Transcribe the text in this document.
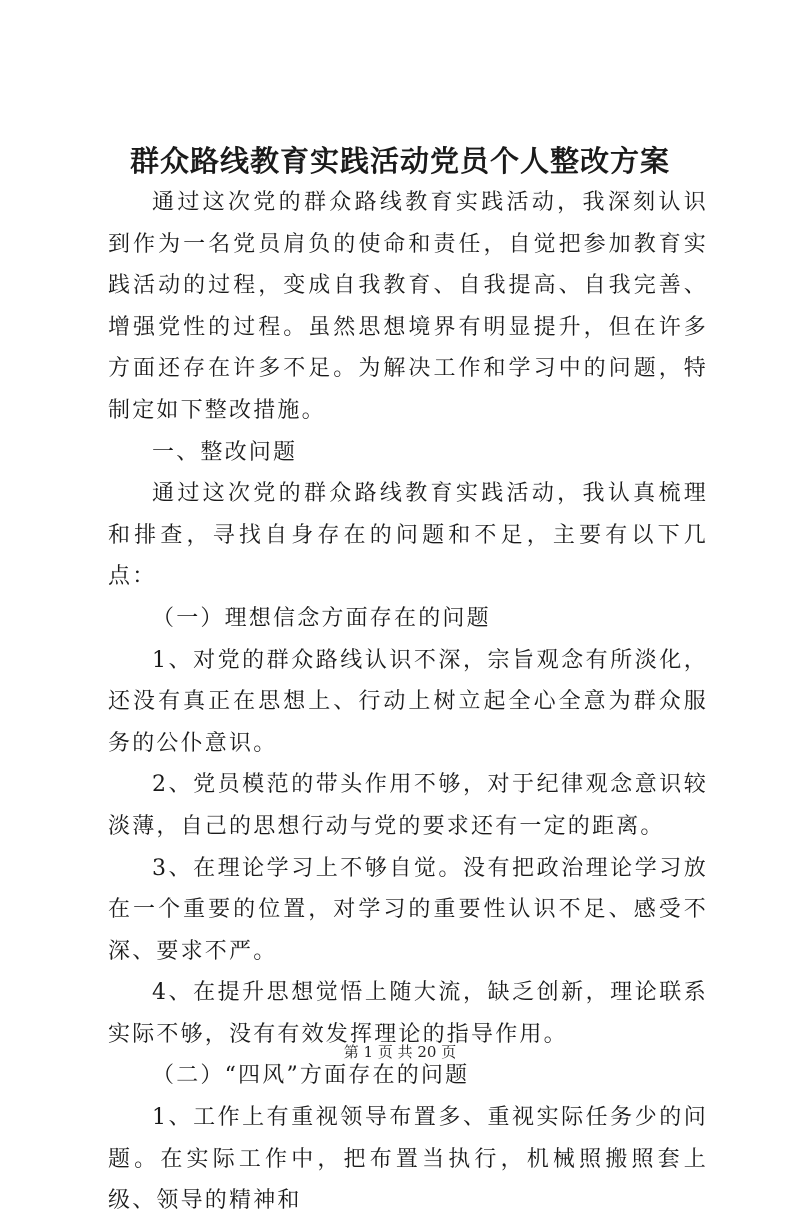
群众路线教育实践活动党员个人整改方案

通过这次党的群众路线教育实践活动，我深刻认识到作为一名党员肩负的使命和责任，自觉把参加教育实践活动的过程，变成自我教育、自我提高、自我完善、增强党性的过程。虽然思想境界有明显提升，但在许多方面还存在许多不足。为解决工作和学习中的问题，特制定如下整改措施。

一、整改问题

通过这次党的群众路线教育实践活动，我认真梳理和排查，寻找自身存在的问题和不足，主要有以下几点：

（一）理想信念方面存在的问题

1、对党的群众路线认识不深，宗旨观念有所淡化，还没有真正在思想上、行动上树立起全心全意为群众服务的公仆意识。

2、党员模范的带头作用不够，对于纪律观念意识较淡薄，自己的思想行动与党的要求还有一定的距离。

3、在理论学习上不够自觉。没有把政治理论学习放在一个重要的位置，对学习的重要性认识不足、感受不深、要求不严。

4、在提升思想觉悟上随大流，缺乏创新，理论联系实际不够，没有有效发挥理论的指导作用。

（二）“四风”方面存在的问题

1、工作上有重视领导布置多、重视实际任务少的问题。在实际工作中，把布置当执行，机械照搬照套上级、领导的精神和

第 1 页 共 20 页
